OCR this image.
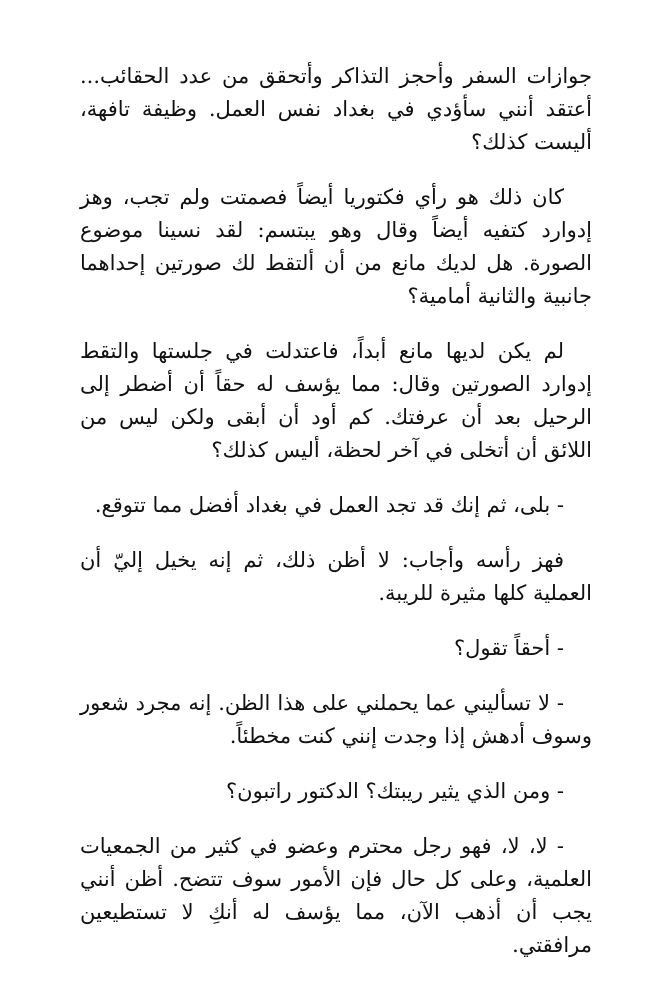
جوازات السفر وأحجز التذاكر وأتحقق من عدد الحقائب... أعتقد أنني سأؤدي في بغداد نفس العمل. وظيفة تافهة، أليست كذلك؟

كان ذلك هو رأي فكتوريا أيضاً فصمتت ولم تجب، وهز إدوارد كتفيه أيضاً وقال وهو يبتسم: لقد نسينا موضوع الصورة. هل لديك مانع من أن ألتقط لك صورتين إحداهما جانبية والثانية أمامية؟

لم يكن لديها مانع أبداً، فاعتدلت في جلستها والتقط إدوارد الصورتين وقال: مما يؤسف له حقاً أن أضطر إلى الرحيل بعد أن عرفتك. كم أود أن أبقى ولكن ليس من اللائق أن أتخلى في آخر لحظة، أليس كذلك؟

- بلى، ثم إنك قد تجد العمل في بغداد أفضل مما تتوقع.

فهز رأسه وأجاب: لا أظن ذلك، ثم إنه يخيل إليّ أن العملية كلها مثيرة للريبة.

- أحقاً تقول؟

- لا تسأليني عما يحملني على هذا الظن. إنه مجرد شعور وسوف أدهش إذا وجدت إنني كنت مخطئاً.

- ومن الذي يثير ريبتك؟ الدكتور راتبون؟

- لا، لا، فهو رجل محترم وعضو في كثير من الجمعيات العلمية، وعلى كل حال فإن الأمور سوف تتضح. أظن أنني يجب أن أذهب الآن، مما يؤسف له أنكِ لا تستطيعين مرافقتي.
